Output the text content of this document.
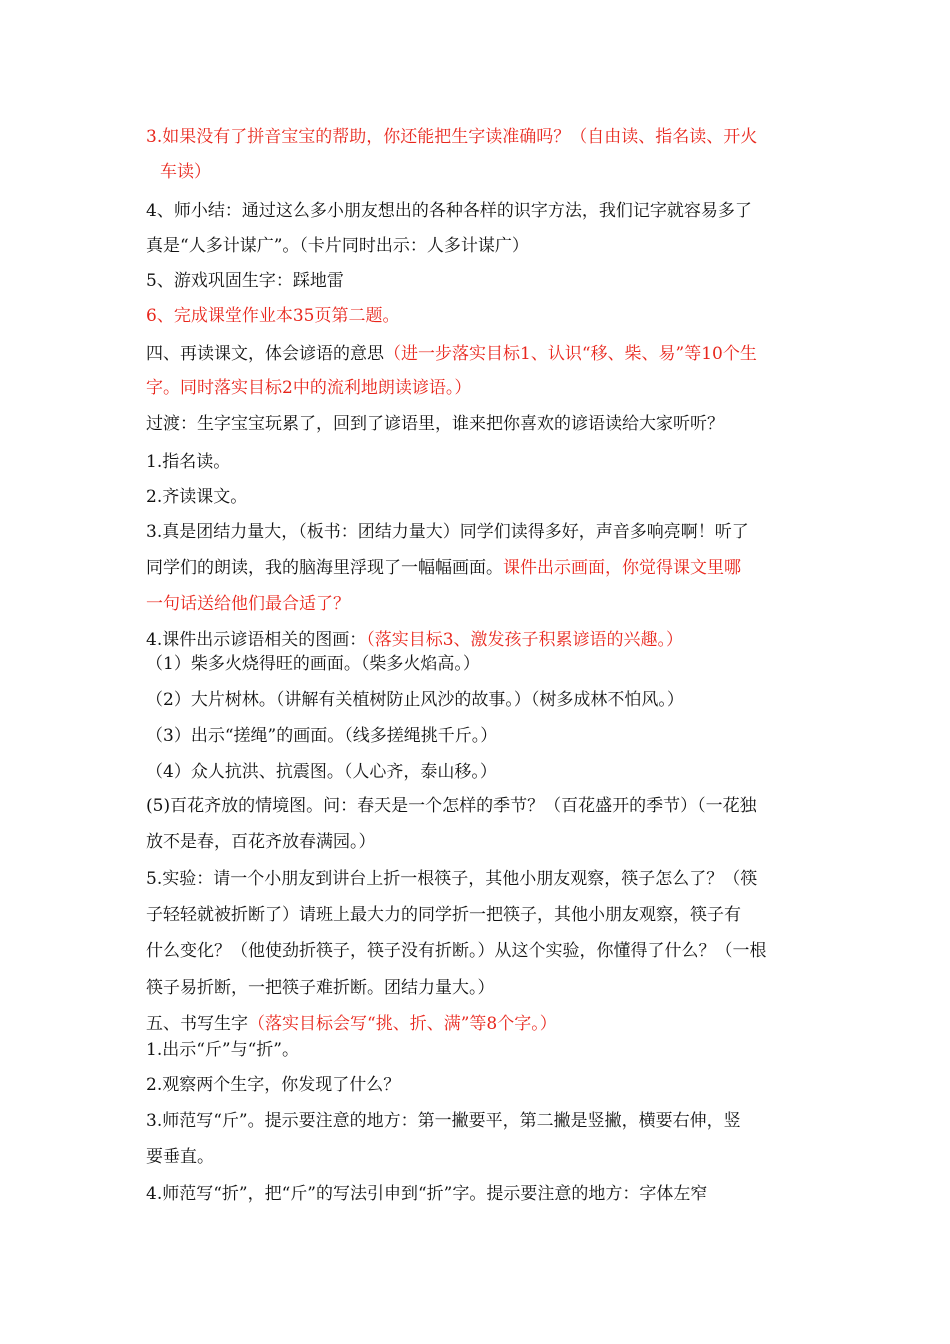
3.如果没有了拼音宝宝的帮助，你还能把生字读准确吗？（自由读、指名读、开火
车读）
4、师小结：通过这么多小朋友想出的各种各样的识字方法，我们记字就容易多了
真是“人多计谋广”。（卡片同时出示：人多计谋广）
5、游戏巩固生字：踩地雷
6、完成课堂作业本35页第二题。
四、再读课文，体会谚语的意思（进一步落实目标1、认识“移、柴、易”等10个生
字。同时落实目标2中的流利地朗读谚语。）
过渡：生字宝宝玩累了，回到了谚语里，谁来把你喜欢的谚语读给大家听听？
1.指名读。
2.齐读课文。
3.真是团结力量大，（板书：团结力量大）同学们读得多好，声音多响亮啊！听了
同学们的朗读，我的脑海里浮现了一幅幅画面。课件出示画面，你觉得课文里哪
一句话送给他们最合适了？
4.课件出示谚语相关的图画：（落实目标3、激发孩子积累谚语的兴趣。）
（1）柴多火烧得旺的画面。（柴多火焰高。）
（2）大片树林。（讲解有关植树防止风沙的故事。）（树多成林不怕风。）
（3）出示“搓绳”的画面。（线多搓绳挑千斤。）
（4）众人抗洪、抗震图。（人心齐，泰山移。）
(5)百花齐放的情境图。问：春天是一个怎样的季节？（百花盛开的季节）（一花独
放不是春，百花齐放春满园。）
5.实验：请一个小朋友到讲台上折一根筷子，其他小朋友观察，筷子怎么了？（筷
子轻轻就被折断了）请班上最大力的同学折一把筷子，其他小朋友观察，筷子有
什么变化？（他使劲折筷子，筷子没有折断。）从这个实验，你懂得了什么？（一根
筷子易折断，一把筷子难折断。团结力量大。）
五、书写生字（落实目标会写“挑、折、满”等8个字。）
1.出示“斤”与“折”。
2.观察两个生字，你发现了什么？
3.师范写“斤”。提示要注意的地方：第一撇要平，第二撇是竖撇，横要右伸，竖
要垂直。
4.师范写“折”，把“斤”的写法引申到“折”字。提示要注意的地方：字体左窄
